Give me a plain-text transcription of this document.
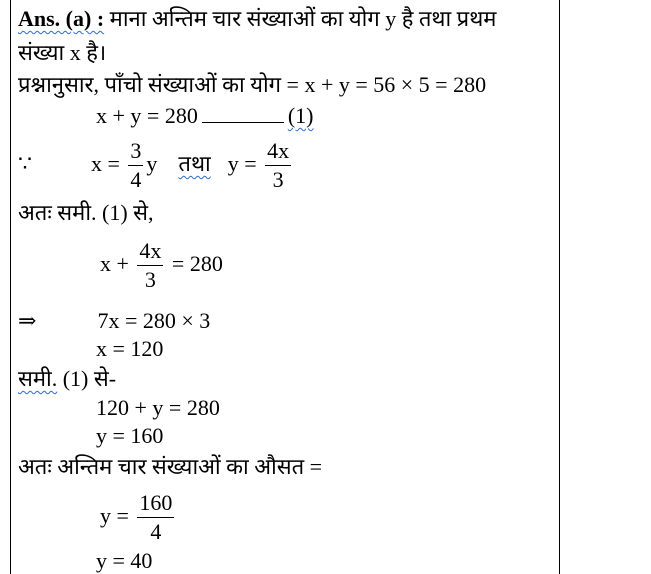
Ans. (a) : माना अन्तिम चार संख्याओं का योग y है तथा प्रथम
संख्या x है।
प्रश्नानुसार, पाँचो संख्याओं का योग = x + y = 56 × 5 = 280
x + y = 280	(1)
∵	$x = \frac{3}{4}$ y तथा $y = \frac{4x}{3}$
अतः समी. (1) से,
$x + \frac{4x}{3} = 280$
⇒	7x = 280 × 3
x = 120
समी. (1) से-
120 + y = 280
y = 160
अतः अन्तिम चार संख्याओं का औसत =
$y = \frac{160}{4}$
y = 40
